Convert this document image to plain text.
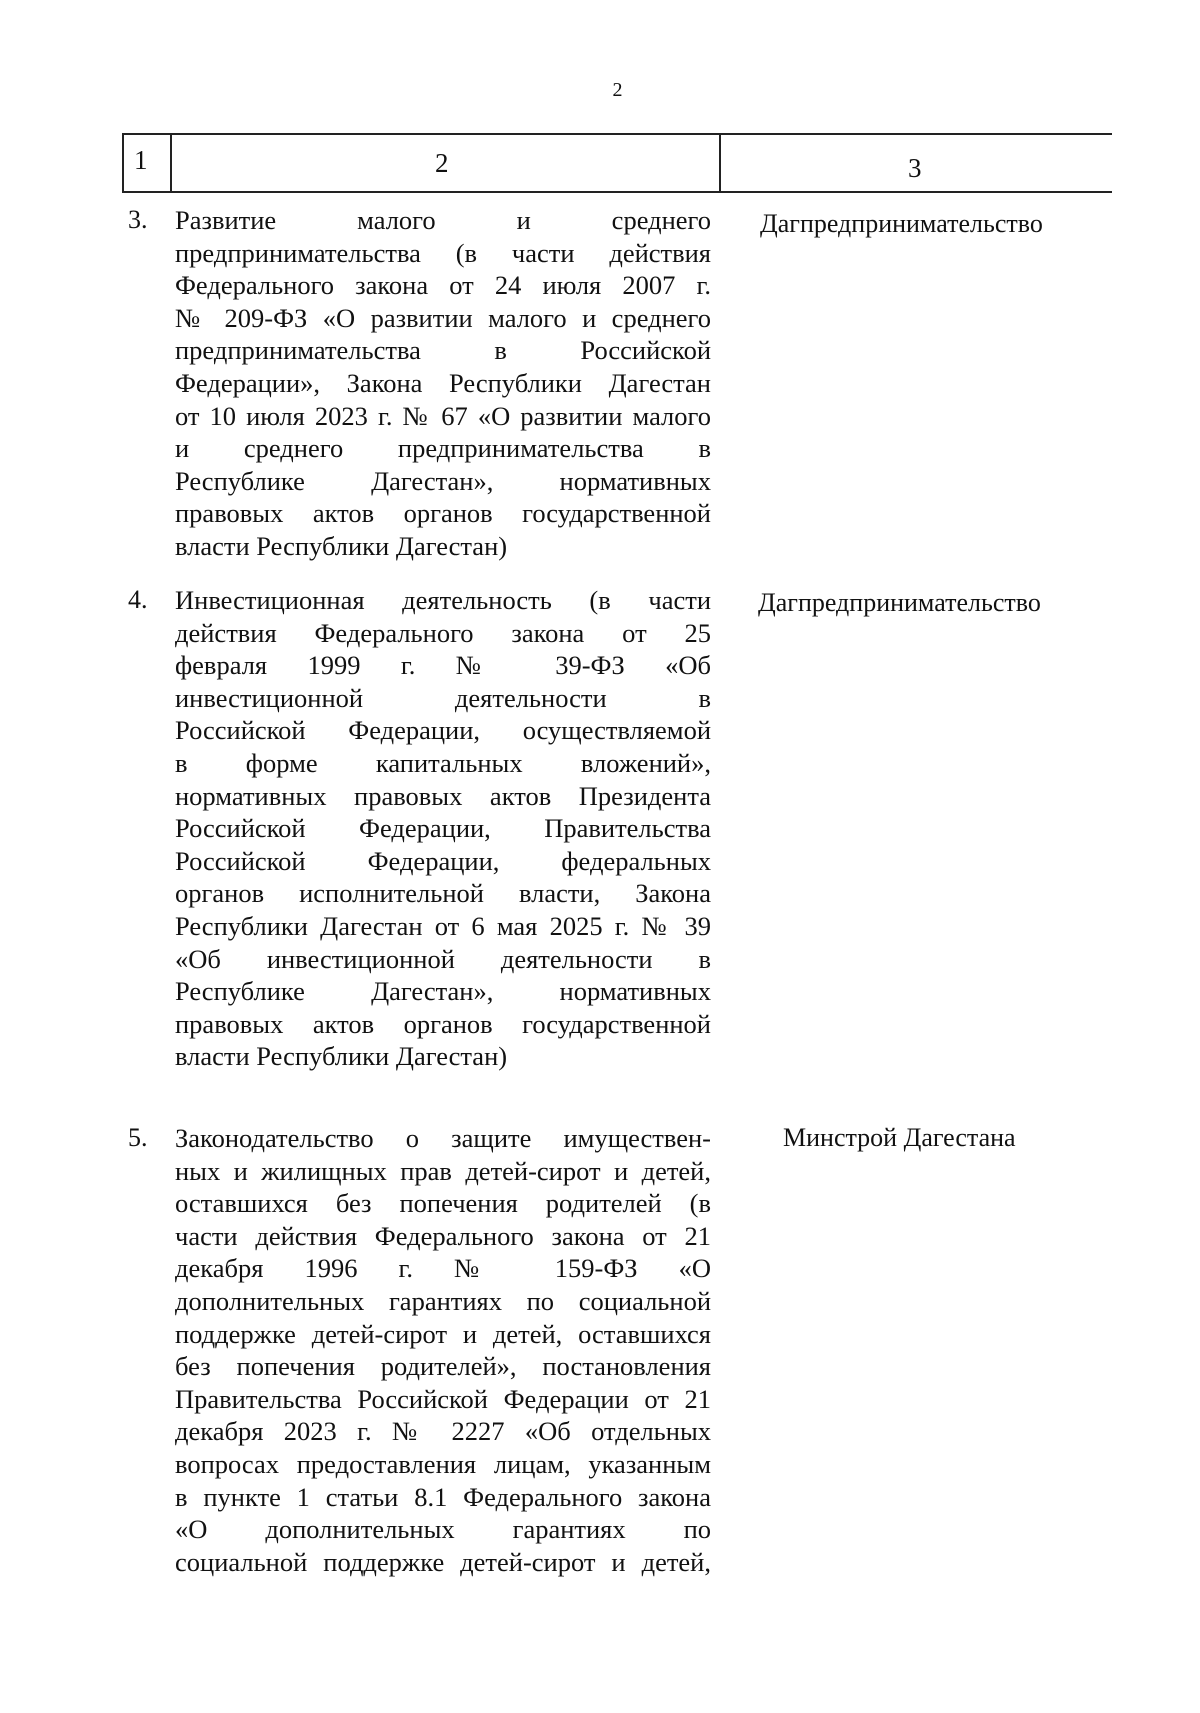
2
1	2	3
3. Развитие малого и среднего
предпринимательства (в части действия
Федерального закона от 24 июля 2007 г.
№ 209-ФЗ «О развитии малого и среднего
предпринимательства в Российской
Федерации», Закона Республики Дагестан
от 10 июля 2023 г. № 67 «О развитии малого
и среднего предпринимательства в
Республике Дагестан», нормативных
правовых актов органов государственной
власти Республики Дагестан)
Дагпредпринимательство
4. Инвестиционная деятельность (в части
действия Федерального закона от 25
февраля 1999 г. № 39-ФЗ «Об
инвестиционной деятельности в
Российской Федерации, осуществляемой
в форме капитальных вложений»,
нормативных правовых актов Президента
Российской Федерации, Правительства
Российской Федерации, федеральных
органов исполнительной власти, Закона
Республики Дагестан от 6 мая 2025 г. № 39
«Об инвестиционной деятельности в
Республике Дагестан», нормативных
правовых актов органов государственной
власти Республики Дагестан)
Дагпредпринимательство
5. Законодательство о защите имуществен-
ных и жилищных прав детей-сирот и детей,
оставшихся без попечения родителей (в
части действия Федерального закона от 21
декабря 1996 г. № 159-ФЗ «О
дополнительных гарантиях по социальной
поддержке детей-сирот и детей, оставшихся
без попечения родителей», постановления
Правительства Российской Федерации от 21
декабря 2023 г. № 2227 «Об отдельных
вопросах предоставления лицам, указанным
в пункте 1 статьи 8.1 Федерального закона
«О дополнительных гарантиях по
социальной поддержке детей-сирот и детей,
Минстрой Дагестана
